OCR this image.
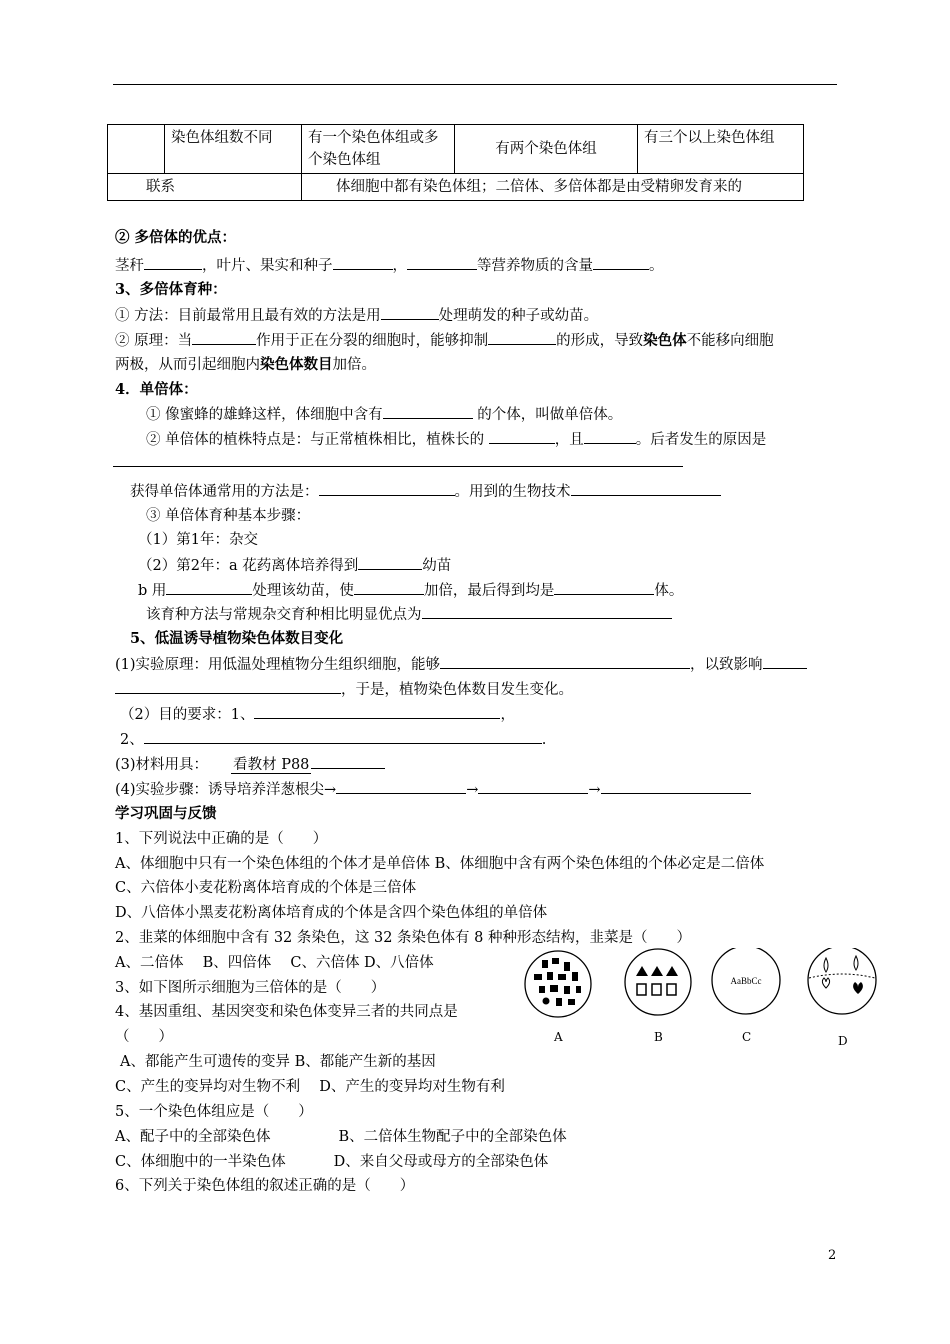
	染色体组数不同	有一个染色体组或多个染色体组	有两个染色体组	有三个以上染色体组
联系		体细胞中都有染色体组；二倍体、多倍体都是由受精卵发育来的		
② 多倍体的优点：
茎秆	，叶片、果实和种子	，	等营养物质的含量	。
3、多倍体育种：
① 方法：目前最常用且最有效的方法是用	处理萌发的种子或幼苗。
② 原理：当	作用于正在分裂的细胞时，能够抑制	的形成，导致染色体不能移向细胞
两极，从而引起细胞内染色体数目加倍。
4．单倍体：
① 像蜜蜂的雄蜂这样，体细胞中含有	的个体，叫做单倍体。
② 单倍体的植株特点是：与正常植株相比，植株长的	，且	。后者发生的原因是
获得单倍体通常用的方法是：	。用到的生物技术
③ 单倍体育种基本步骤：
（1）第1年：杂交
（2）第2年：a 花药离体培养得到	幼苗
b 用	处理该幼苗，使	加倍，最后得到均是	体。
该育种方法与常规杂交育种相比明显优点为
5、低温诱导植物染色体数目变化
(1)实验原理：用低温处理植物分生组织细胞，能够	，以致影响
，于是，植物染色体数目发生变化。
（2）目的要求：1、	，
2、	.
(3)材料用具： 看教材 P88
(4)实验步骤：诱导培养洋葱根尖→	→	→
学习巩固与反馈
1、下列说法中正确的是（　　）
A、体细胞中只有一个染色体组的个体才是单倍体 B、体细胞中含有两个染色体组的个体必定是二倍体
C、六倍体小麦花粉离体培育成的个体是三倍体
D、八倍体小黑麦花粉离体培育成的个体是含四个染色体组的单倍体
2、韭菜的体细胞中含有 32 条染色，这 32 条染色体有 8 种种形态结构，韭菜是（　　）
A、二倍体　 B、四倍体　 C、六倍体 D、八倍体
3、如下图所示细胞为三倍体的是（　　）
4、基因重组、基因突变和染色体变异三者的共同点是
（　　）
A、都能产生可遗传的变异 B、都能产生新的基因
C、产生的变异均对生物不利　 D、产生的变异均对生物有利
5、一个染色体组应是（　　）
A、配子中的全部染色体	B、二倍体生物配子中的全部染色体
C、体细胞中的一半染色体	D、来自父母或母方的全部染色体
6、下列关于染色体组的叙述正确的是（　　）
AaBbCc
A	B	C	D
2
